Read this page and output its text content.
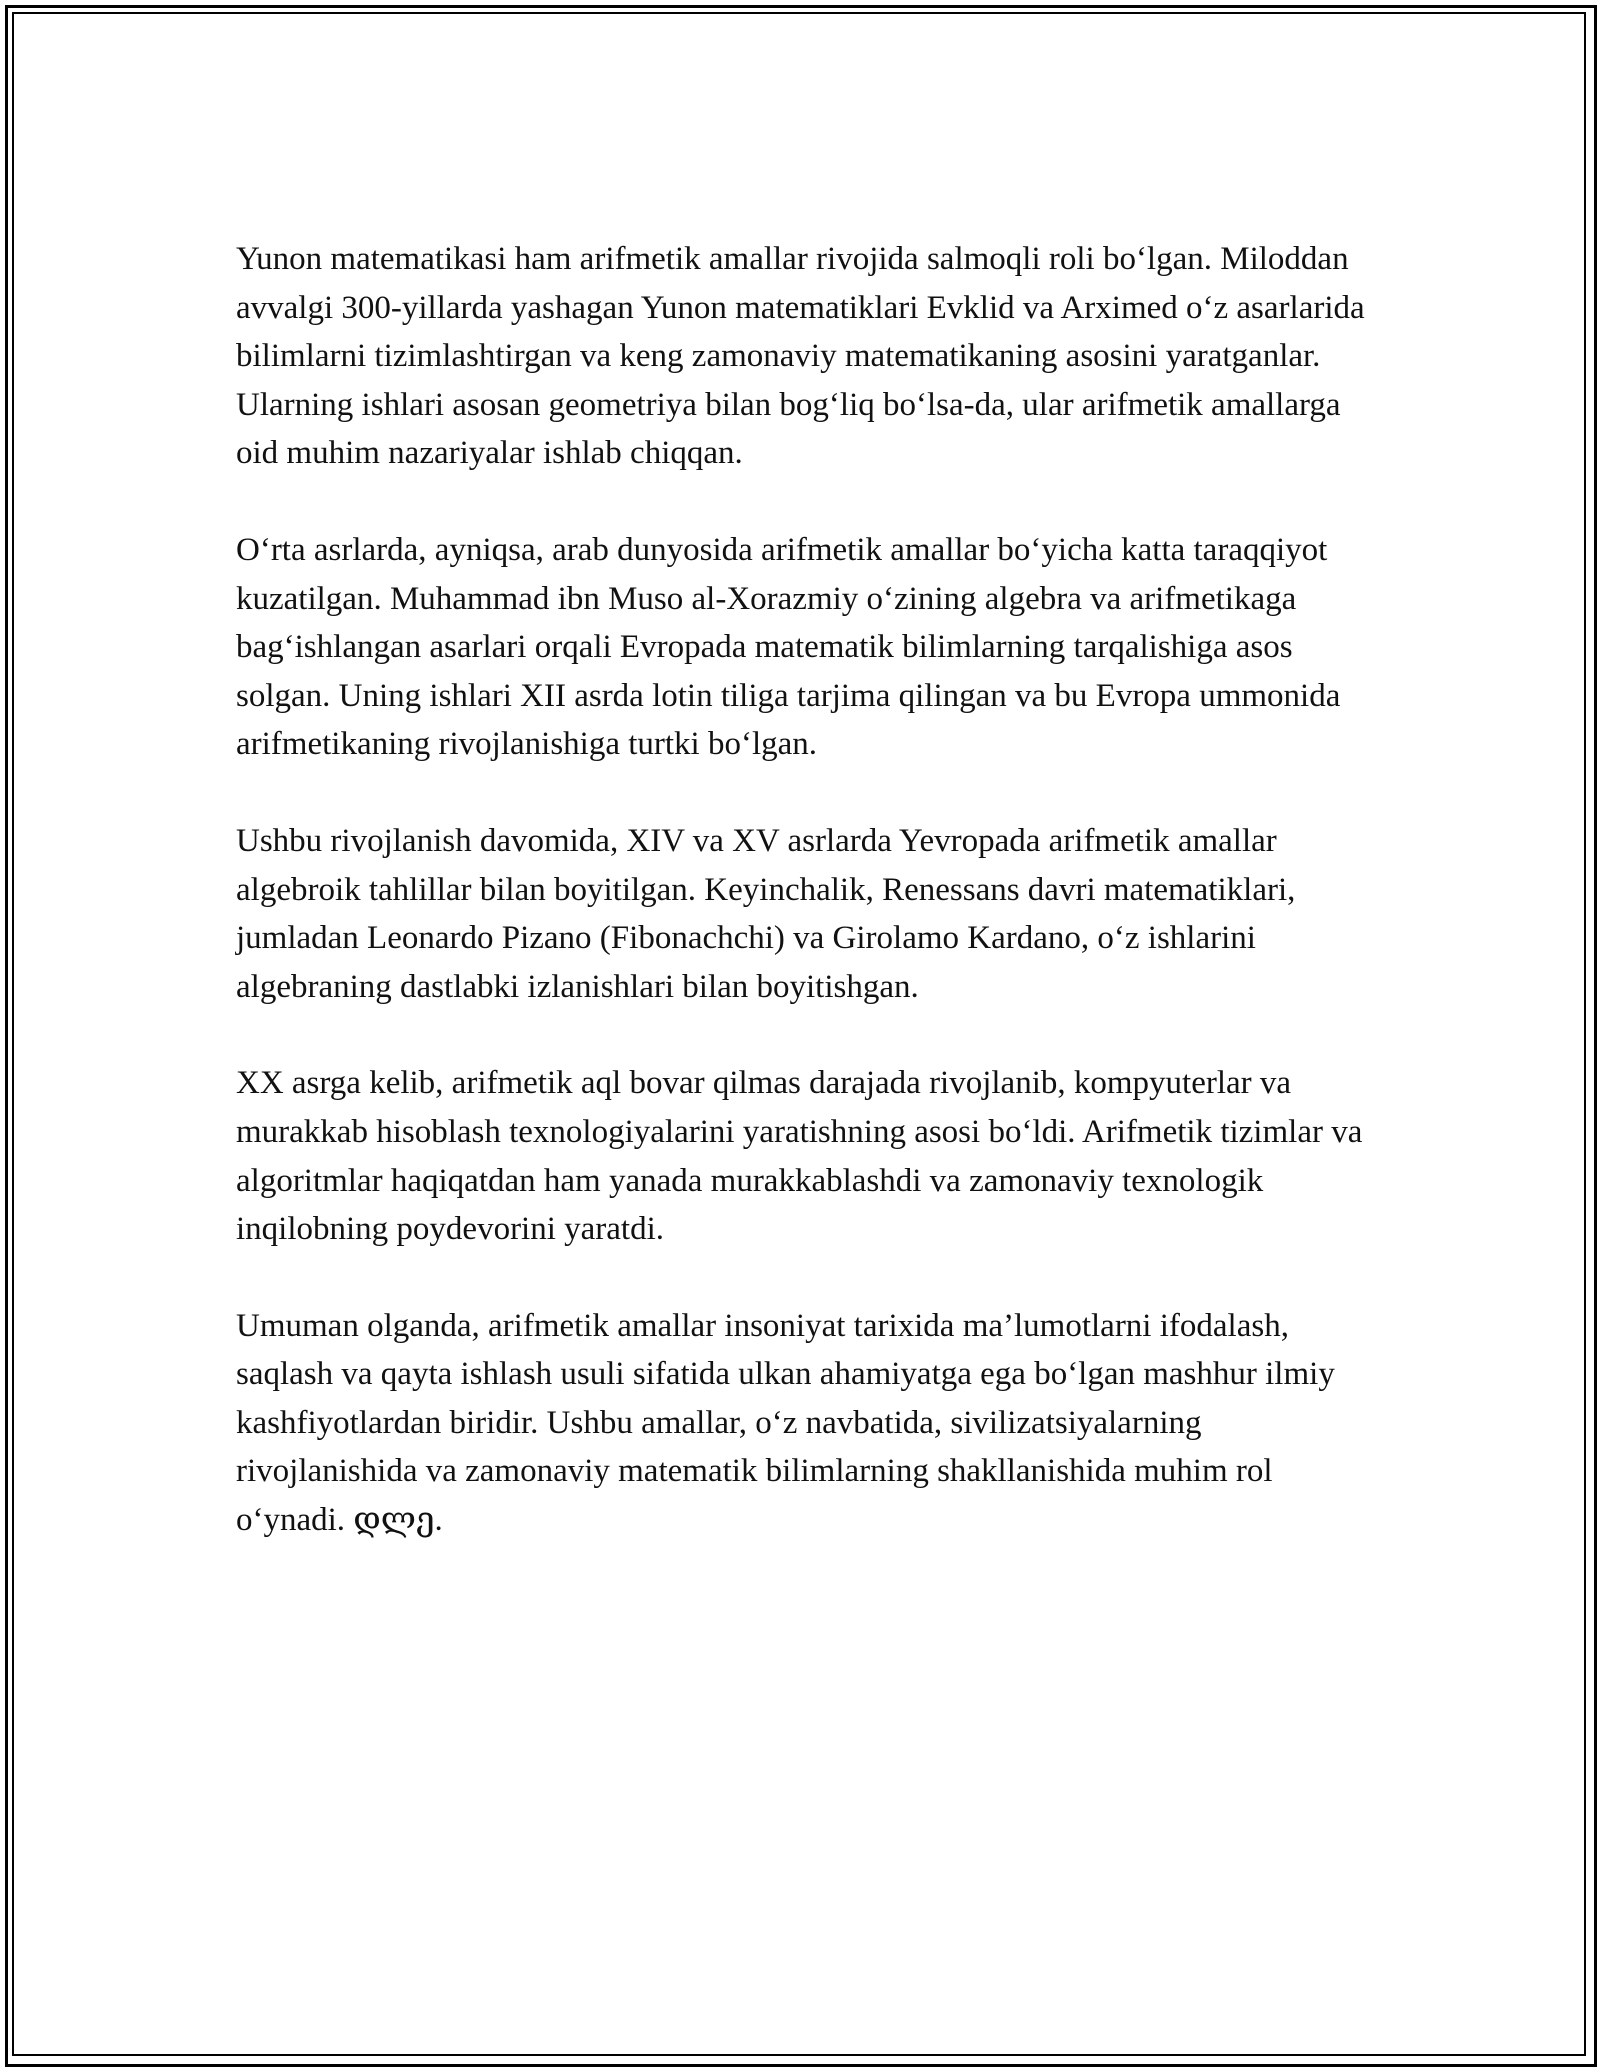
Yunon matematikasi ham arifmetik amallar rivojida salmoqli roli bo‘lgan. Miloddan avvalgi 300-yillarda yashagan Yunon matematiklari Evklid va Arximed o‘z asarlarida bilimlarni tizimlashtirgan va keng zamonaviy matematikaning asosini yaratganlar. Ularning ishlari asosan geometriya bilan bog‘liq bo‘lsa-da, ular arifmetik amallarga oid muhim nazariyalar ishlab chiqqan.

O‘rta asrlarda, ayniqsa, arab dunyosida arifmetik amallar bo‘yicha katta taraqqiyot kuzatilgan. Muhammad ibn Muso al-Xorazmiy o‘zining algebra va arifmetikaga bag‘ishlangan asarlari orqali Evropada matematik bilimlarning tarqalishiga asos solgan. Uning ishlari XII asrda lotin tiliga tarjima qilingan va bu Evropa ummonida arifmetikaning rivojlanishiga turtki bo‘lgan.

Ushbu rivojlanish davomida, XIV va XV asrlarda Yevropada arifmetik amallar algebroik tahlillar bilan boyitilgan. Keyinchalik, Renessans davri matematiklari, jumladan Leonardo Pizano (Fibonachchi) va Girolamo Kardano, o‘z ishlarini algebraning dastlabki izlanishlari bilan boyitishgan.

XX asrga kelib, arifmetik aql bovar qilmas darajada rivojlanib, kompyuterlar va murakkab hisoblash texnologiyalarini yaratishning asosi bo‘ldi. Arifmetik tizimlar va algoritmlar haqiqatdan ham yanada murakkablashdi va zamonaviy texnologik inqilobning poydevorini yaratdi.

Umuman olganda, arifmetik amallar insoniyat tarixida ma’lumotlarni ifodalash, saqlash va qayta ishlash usuli sifatida ulkan ahamiyatga ega bo‘lgan mashhur ilmiy kashfiyotlardan biridir. Ushbu amallar, o‘z navbatida, sivilizatsiyalarning rivojlanishida va zamonaviy matematik bilimlarning shakllanishida muhim rol o‘ynadi. დლე.
